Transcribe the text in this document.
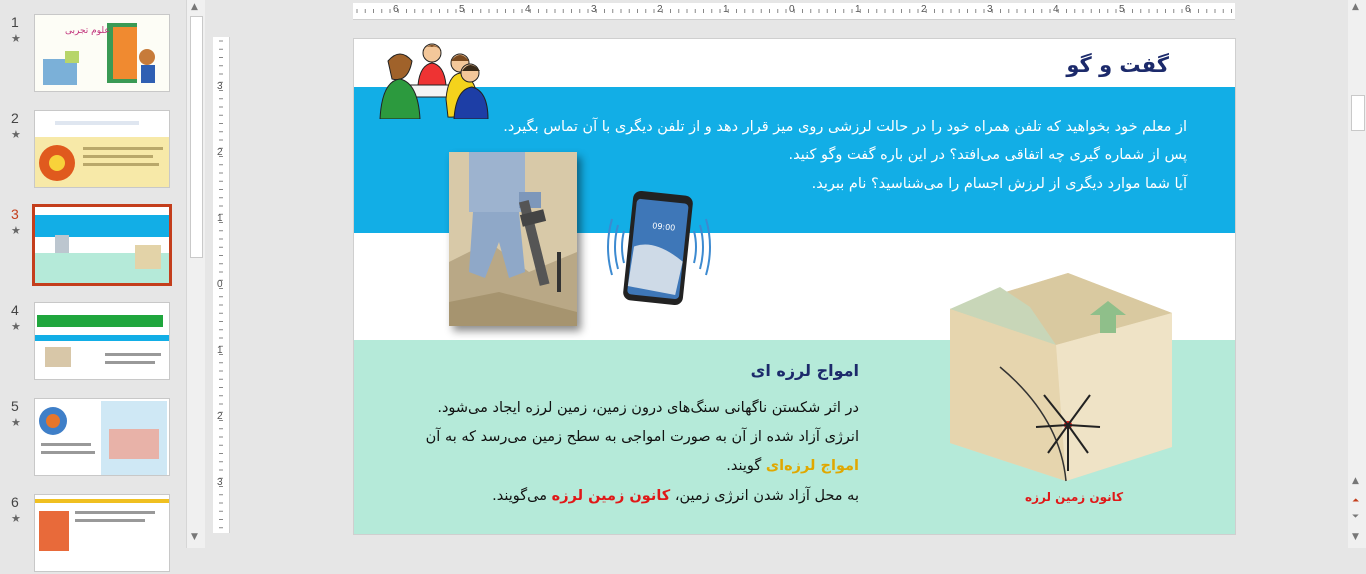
1
★
علوم تجربی
2
★
3
★
4
★
5
★
6
★
▲
▼
6	5	4	3	2	1	0	1	2	3	4	5	6
3
2
1
0
1
2
3
▲
▲
⏶
⏷
▼
گفت و گو
از معلم خود بخواهید که تلفن همراه خود را در حالت لرزشی روی میز قرار دهد و از تلفن دیگری با آن تماس بگیرد.
پس از شماره گیری چه اتفاقی می‌افتد؟ در این باره گفت وگو کنید.
آیا شما موارد دیگری از لرزش اجسام را می‌شناسید؟ نام ببرید.
09:00
امواج لرزه ای
در اثر شکستن ناگهانی سنگ‌های درون زمین، زمین لرزه ایجاد می‌شود.
انرژی آزاد شده از آن به صورت امواجی به سطح زمین می‌رسد که به آن
امواج لرزه‌ای گویند.
به محل آزاد شدن انرژی زمین، کانون زمین لرزه می‌گویند.	کانون زمین لرزه
